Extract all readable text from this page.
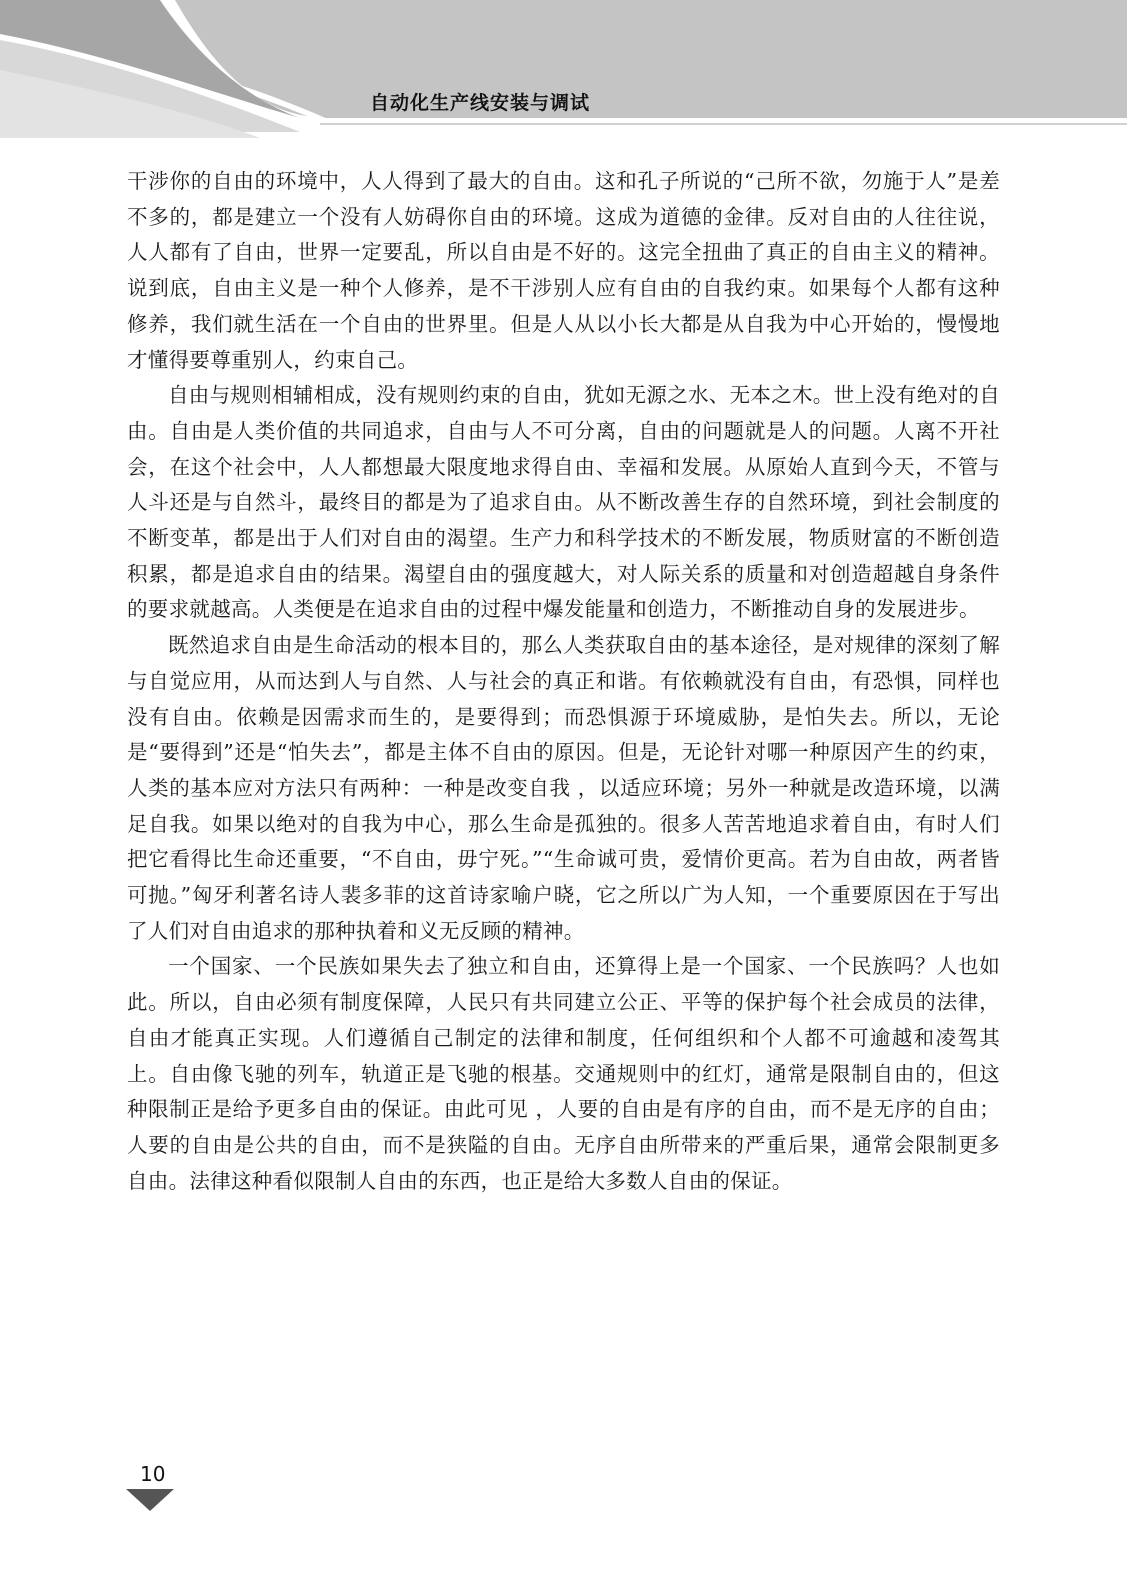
自动化生产线安装与调试

干涉你的自由的环境中，人人得到了最大的自由。这和孔子所说的“己所不欲，勿施于人”是差不多的，都是建立一个没有人妨碍你自由的环境。这成为道德的金律。反对自由的人往往说，人人都有了自由，世界一定要乱，所以自由是不好的。这完全扭曲了真正的自由主义的精神。说到底，自由主义是一种个人修养，是不干涉别人应有自由的自我约束。如果每个人都有这种修养，我们就生活在一个自由的世界里。但是人从以小长大都是从自我为中心开始的，慢慢地才懂得要尊重别人，约束自己。

自由与规则相辅相成，没有规则约束的自由，犹如无源之水、无本之木。世上没有绝对的自由。自由是人类价值的共同追求，自由与人不可分离，自由的问题就是人的问题。人离不开社会，在这个社会中，人人都想最大限度地求得自由、幸福和发展。从原始人直到今天，不管与人斗还是与自然斗，最终目的都是为了追求自由。从不断改善生存的自然环境，到社会制度的不断变革，都是出于人们对自由的渴望。生产力和科学技术的不断发展，物质财富的不断创造积累，都是追求自由的结果。渴望自由的强度越大，对人际关系的质量和对创造超越自身条件的要求就越高。人类便是在追求自由的过程中爆发能量和创造力，不断推动自身的发展进步。

既然追求自由是生命活动的根本目的，那么人类获取自由的基本途径，是对规律的深刻了解与自觉应用，从而达到人与自然、人与社会的真正和谐。有依赖就没有自由，有恐惧，同样也没有自由。依赖是因需求而生的，是要得到；而恐惧源于环境威胁，是怕失去。所以，无论是“要得到”还是“怕失去”，都是主体不自由的原因。但是，无论针对哪一种原因产生的约束，人类的基本应对方法只有两种：一种是改变自我 ，以适应环境；另外一种就是改造环境，以满足自我。如果以绝对的自我为中心，那么生命是孤独的。很多人苦苦地追求着自由，有时人们把它看得比生命还重要，“不自由，毋宁死。”“生命诚可贵，爱情价更高。若为自由故，两者皆可抛。”匈牙利著名诗人裴多菲的这首诗家喻户晓，它之所以广为人知，一个重要原因在于写出了人们对自由追求的那种执着和义无反顾的精神。

一个国家、一个民族如果失去了独立和自由，还算得上是一个国家、一个民族吗？人也如此。所以，自由必须有制度保障，人民只有共同建立公正、平等的保护每个社会成员的法律，自由才能真正实现。人们遵循自己制定的法律和制度，任何组织和个人都不可逾越和凌驾其上。自由像飞驰的列车，轨道正是飞驰的根基。交通规则中的红灯，通常是限制自由的，但这种限制正是给予更多自由的保证。由此可见 ，人要的自由是有序的自由，而不是无序的自由；人要的自由是公共的自由，而不是狭隘的自由。无序自由所带来的严重后果，通常会限制更多自由。法律这种看似限制人自由的东西，也正是给大多数人自由的保证。

10
